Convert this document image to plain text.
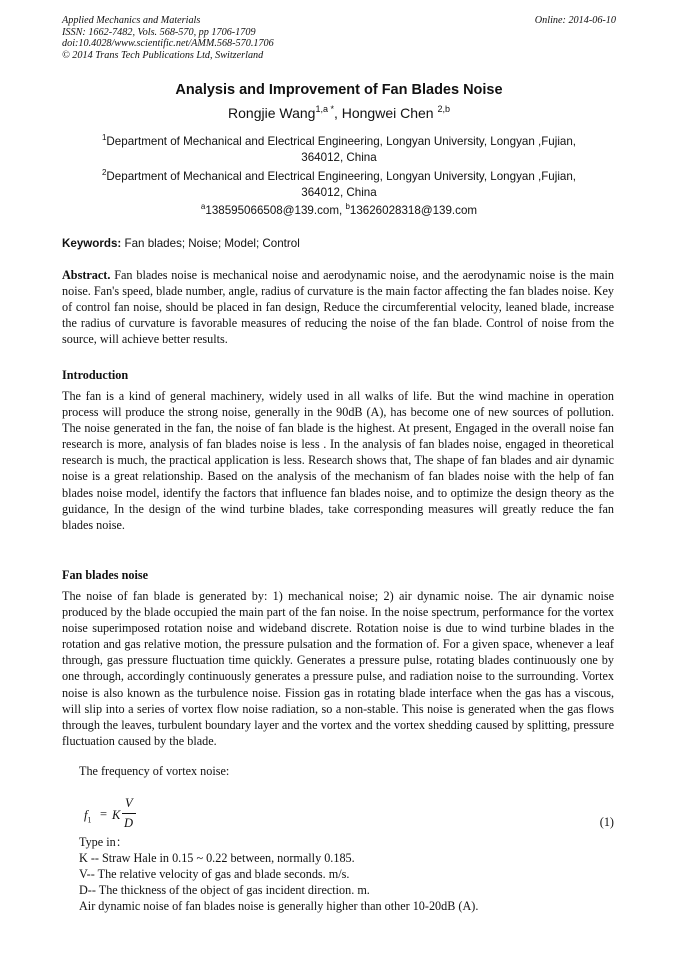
Applied Mechanics and Materials
ISSN: 1662-7482, Vols. 568-570, pp 1706-1709
doi:10.4028/www.scientific.net/AMM.568-570.1706
© 2014 Trans Tech Publications Ltd, Switzerland
Online: 2014-06-10
Analysis and Improvement of Fan Blades Noise
Rongjie Wang$^{1,a *}$, Hongwei Chen $^{2,b}$
$^1$Department of Mechanical and Electrical Engineering, Longyan University, Longyan ,Fujian, 364012, China
$^2$Department of Mechanical and Electrical Engineering, Longyan University, Longyan ,Fujian, 364012, China
$^a$138595066508@139.com, $^b$13626028318@139.com
Keywords: Fan blades; Noise; Model; Control
Abstract. Fan blades noise is mechanical noise and aerodynamic noise, and the aerodynamic noise is the main noise. Fan's speed, blade number, angle, radius of curvature is the main factor affecting the fan blades noise. Key of control fan noise, should be placed in fan design, Reduce the circumferential velocity, leaned blade, increase the radius of curvature is favorable measures of reducing the noise of the fan blade. Control of noise from the source, will achieve better results.
Introduction
The fan is a kind of general machinery, widely used in all walks of life. But the wind machine in operation process will produce the strong noise, generally in the 90dB (A), has become one of new sources of pollution. The noise generated in the fan, the noise of fan blade is the highest. At present, Engaged in the overall noise fan research is more, analysis of fan blades noise is less . In the analysis of fan blades noise, engaged in theoretical research is much, the practical application is less. Research shows that, The shape of fan blades and air dynamic noise is a great relationship. Based on the analysis of the mechanism of fan blades noise with the help of fan blades noise model, identify the factors that influence fan blades noise, and to optimize the design theory as the guidance, In the design of the wind turbine blades, take corresponding measures will greatly reduce the fan blades noise.
Fan blades noise
The noise of fan blade is generated by: 1) mechanical noise; 2) air dynamic noise. The air dynamic noise produced by the blade occupied the main part of the fan noise. In the noise spectrum, performance for the vortex noise superimposed rotation noise and wideband discrete. Rotation noise is due to wind turbine blades in the rotation and gas relative motion, the pressure pulsation and the formation of. For a given space, whenever a leaf through, gas pressure fluctuation time quickly. Generates a pressure pulse, rotating blades continuously one by one through, accordingly continuously generates a pressure pulse, and radiation noise to the surrounding. Vortex noise is also known as the turbulence noise. Fission gas in rotating blade interface when the gas has a viscous, will slip into a series of vortex flow noise radiation, so a non-stable. This noise is generated when the gas flows through the leaves, turbulent boundary layer and the vortex and the vortex shedding caused by splitting, pressure fluctuation caused by the blade.
The frequency of vortex noise:
$f_1 = K$
V
D	(1)
Type in：
K -- Straw Hale in 0.15 ~ 0.22 between, normally 0.185.
V-- The relative velocity of gas and blade seconds. m/s.
D-- The thickness of the object of gas incident direction. m.
Air dynamic noise of fan blades noise is generally higher than other 10-20dB (A).
